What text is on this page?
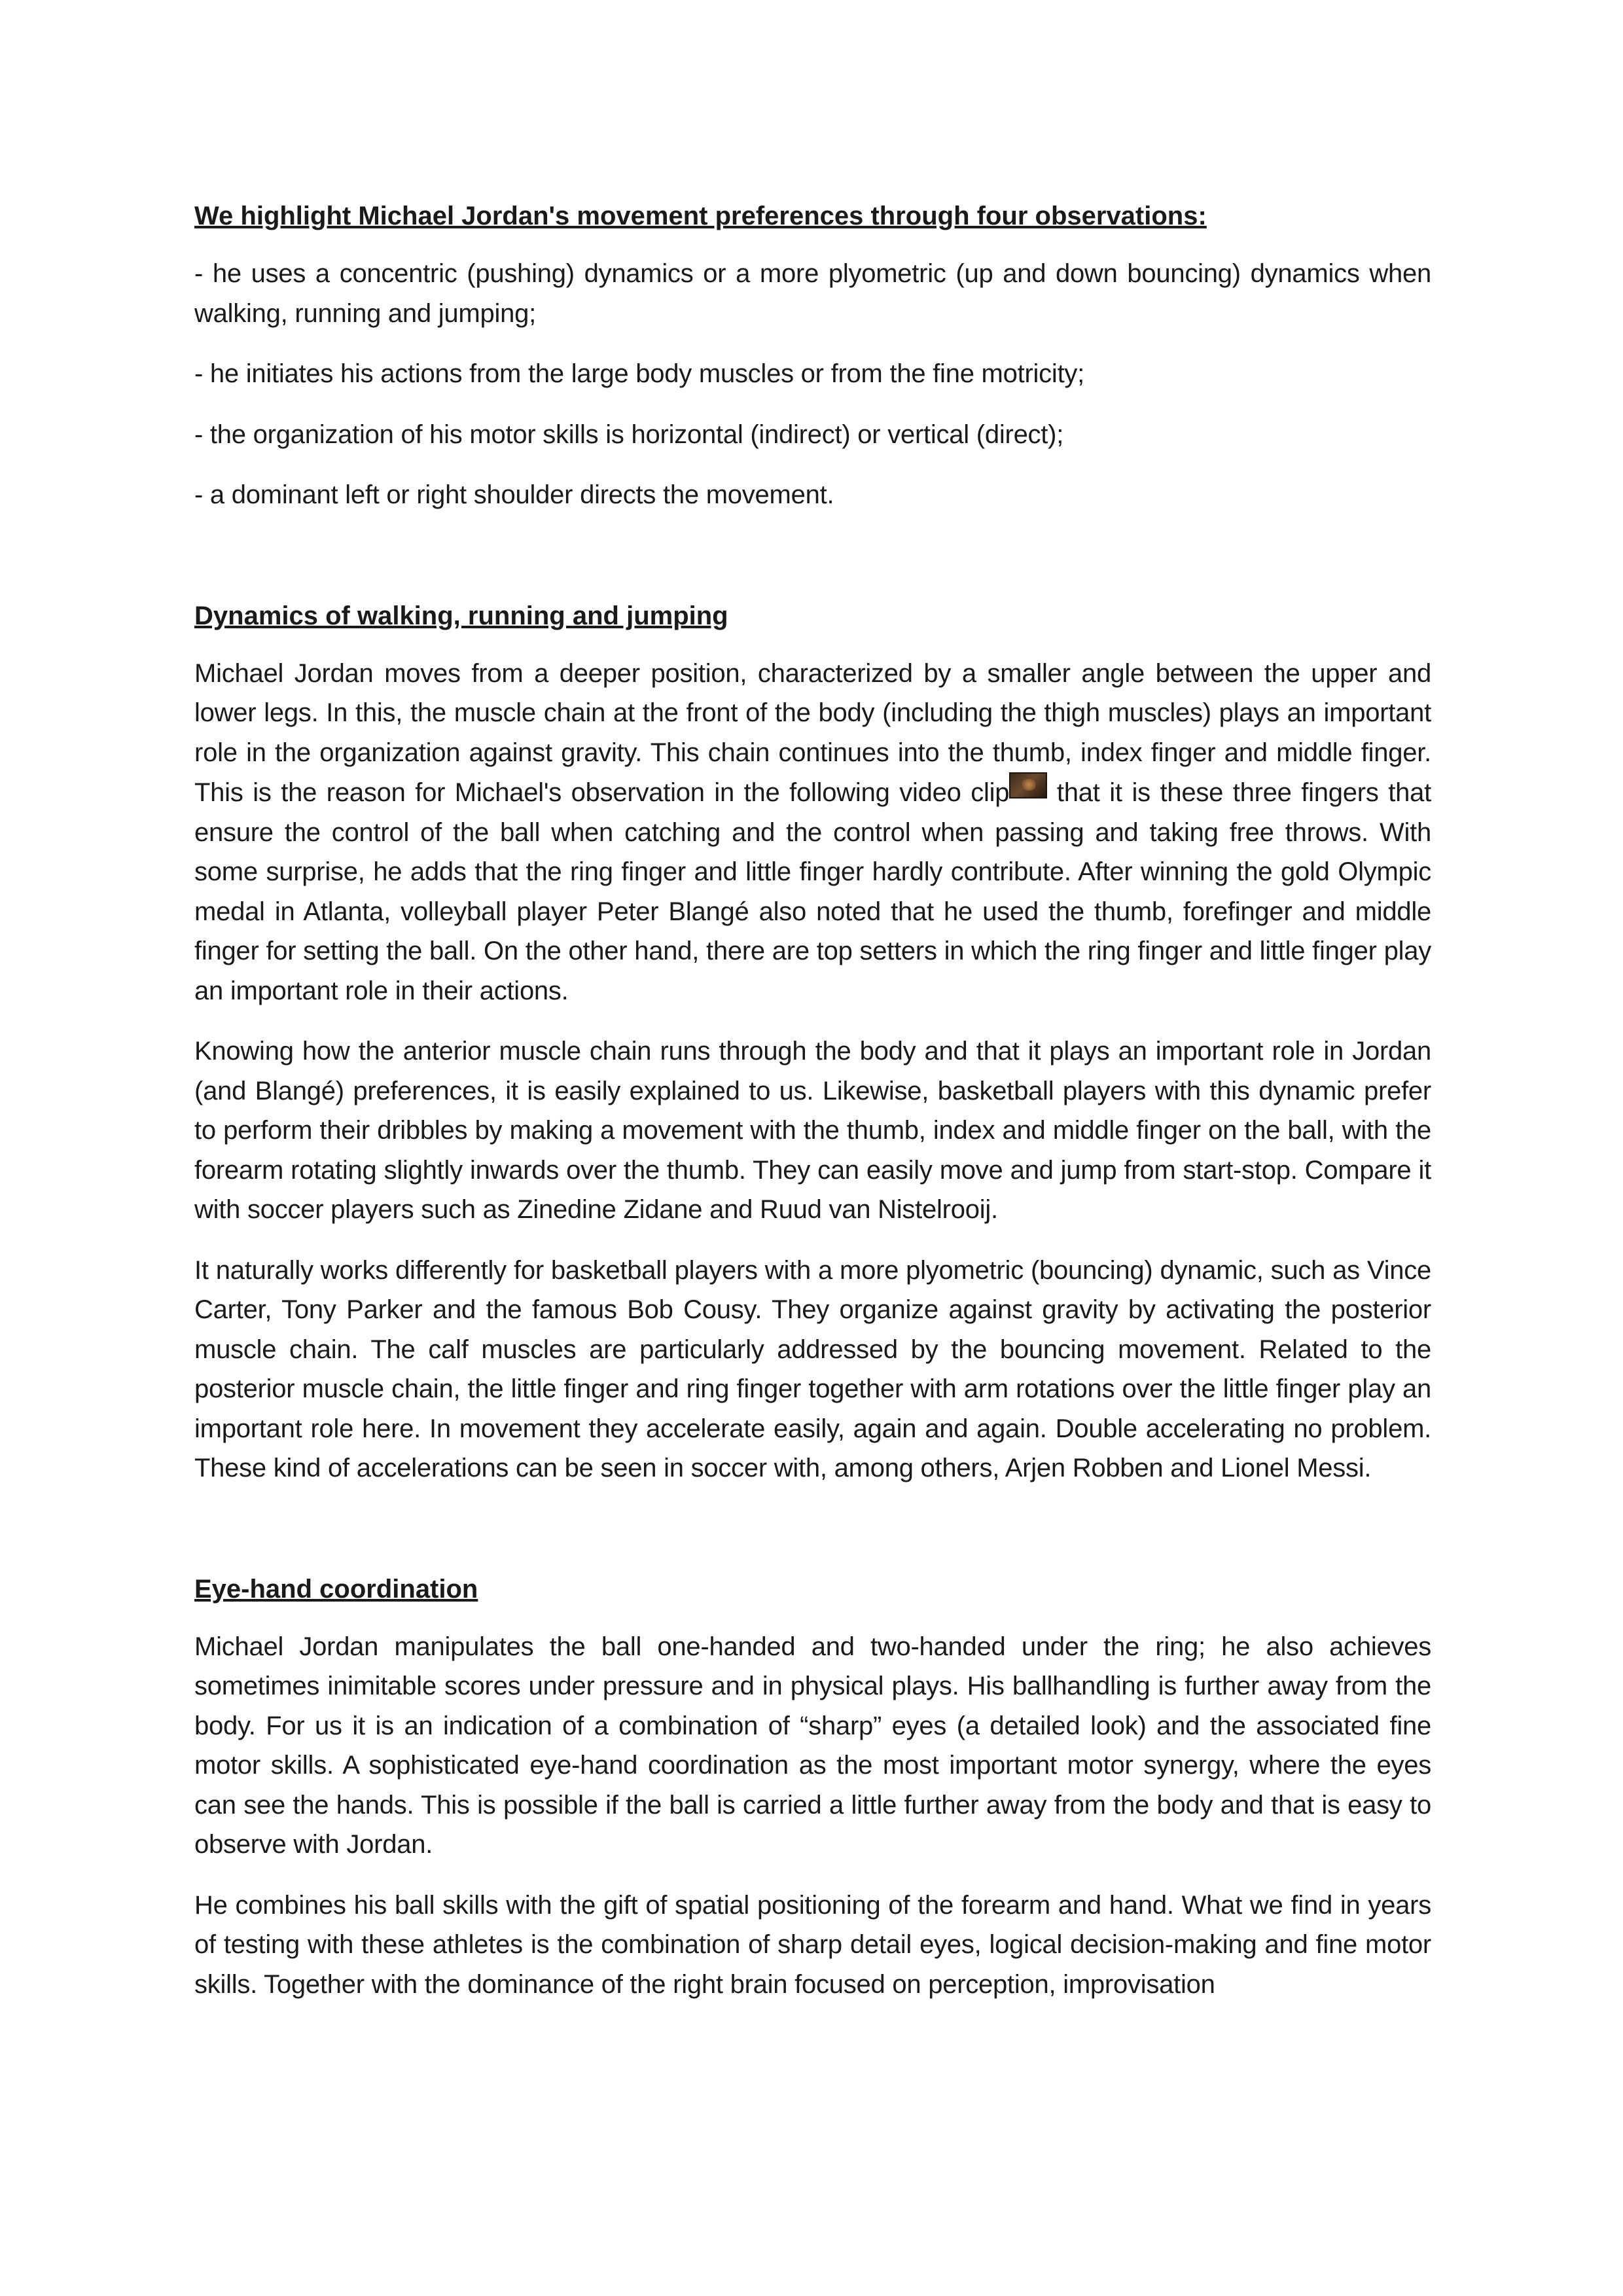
We highlight Michael Jordan's movement preferences through four observations:

- he uses a concentric (pushing) dynamics or a more plyometric (up and down bouncing) dynamics when walking, running and jumping;

- he initiates his actions from the large body muscles or from the fine motricity;

- the organization of his motor skills is horizontal (indirect) or vertical (direct);

- a dominant left or right shoulder directs the movement.

Dynamics of walking, running and jumping

Michael Jordan moves from a deeper position, characterized by a smaller angle between the upper and lower legs. In this, the muscle chain at the front of the body (including the thigh muscles) plays an important role in the organization against gravity. This chain continues into the thumb, index finger and middle finger. This is the reason for Michael's observation in the following video clip that it is these three fingers that ensure the control of the ball when catching and the control when passing and taking free throws. With some surprise, he adds that the ring finger and little finger hardly contribute. After winning the gold Olympic medal in Atlanta, volleyball player Peter Blangé also noted that he used the thumb, forefinger and middle finger for setting the ball. On the other hand, there are top setters in which the ring finger and little finger play an important role in their actions.

Knowing how the anterior muscle chain runs through the body and that it plays an important role in Jordan (and Blangé) preferences, it is easily explained to us. Likewise, basketball players with this dynamic prefer to perform their dribbles by making a movement with the thumb, index and middle finger on the ball, with the forearm rotating slightly inwards over the thumb. They can easily move and jump from start-stop. Compare it with soccer players such as Zinedine Zidane and Ruud van Nistelrooij.

It naturally works differently for basketball players with a more plyometric (bouncing) dynamic, such as Vince Carter, Tony Parker and the famous Bob Cousy. They organize against gravity by activating the posterior muscle chain. The calf muscles are particularly addressed by the bouncing movement. Related to the posterior muscle chain, the little finger and ring finger together with arm rotations over the little finger play an important role here. In movement they accelerate easily, again and again. Double accelerating no problem. These kind of accelerations can be seen in soccer with, among others, Arjen Robben and Lionel Messi.

Eye-hand coordination

Michael Jordan manipulates the ball one-handed and two-handed under the ring; he also achieves sometimes inimitable scores under pressure and in physical plays. His ballhandling is further away from the body. For us it is an indication of a combination of “sharp” eyes (a detailed look) and the associated fine motor skills. A sophisticated eye-hand coordination as the most important motor synergy, where the eyes can see the hands. This is possible if the ball is carried a little further away from the body and that is easy to observe with Jordan.

He combines his ball skills with the gift of spatial positioning of the forearm and hand. What we find in years of testing with these athletes is the combination of sharp detail eyes, logical decision-making and fine motor skills. Together with the dominance of the right brain focused on perception, improvisation
